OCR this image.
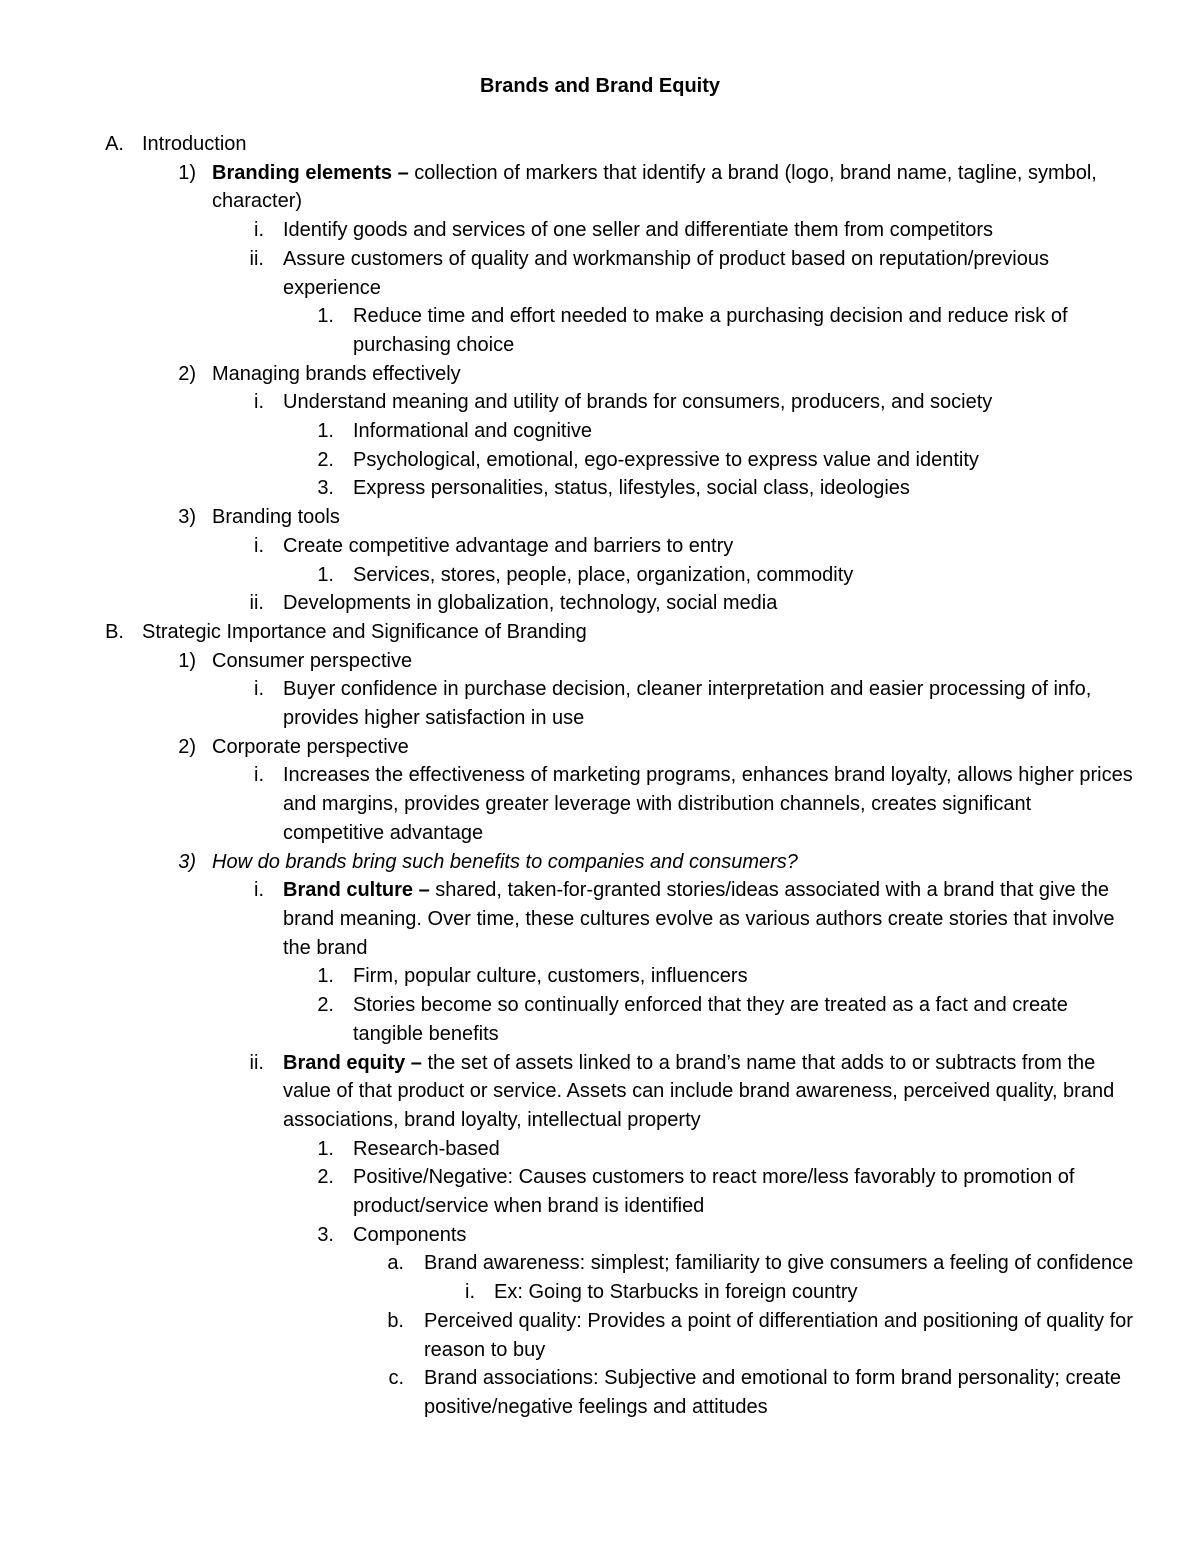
Brands and Brand Equity
A. Introduction
1) Branding elements – collection of markers that identify a brand (logo, brand name, tagline, symbol, character)
i. Identify goods and services of one seller and differentiate them from competitors
ii. Assure customers of quality and workmanship of product based on reputation/previous experience
1. Reduce time and effort needed to make a purchasing decision and reduce risk of purchasing choice
2) Managing brands effectively
i. Understand meaning and utility of brands for consumers, producers, and society
1. Informational and cognitive
2. Psychological, emotional, ego-expressive to express value and identity
3. Express personalities, status, lifestyles, social class, ideologies
3) Branding tools
i. Create competitive advantage and barriers to entry
1. Services, stores, people, place, organization, commodity
ii. Developments in globalization, technology, social media
B. Strategic Importance and Significance of Branding
1) Consumer perspective
i. Buyer confidence in purchase decision, cleaner interpretation and easier processing of info, provides higher satisfaction in use
2) Corporate perspective
i. Increases the effectiveness of marketing programs, enhances brand loyalty, allows higher prices and margins, provides greater leverage with distribution channels, creates significant competitive advantage
3) How do brands bring such benefits to companies and consumers?
i. Brand culture – shared, taken-for-granted stories/ideas associated with a brand that give the brand meaning. Over time, these cultures evolve as various authors create stories that involve the brand
1. Firm, popular culture, customers, influencers
2. Stories become so continually enforced that they are treated as a fact and create tangible benefits
ii. Brand equity – the set of assets linked to a brand’s name that adds to or subtracts from the value of that product or service. Assets can include brand awareness, perceived quality, brand associations, brand loyalty, intellectual property
1. Research-based
2. Positive/Negative: Causes customers to react more/less favorably to promotion of product/service when brand is identified
3. Components
a. Brand awareness: simplest; familiarity to give consumers a feeling of confidence
i. Ex: Going to Starbucks in foreign country
b. Perceived quality: Provides a point of differentiation and positioning of quality for reason to buy
c. Brand associations: Subjective and emotional to form brand personality; create positive/negative feelings and attitudes
